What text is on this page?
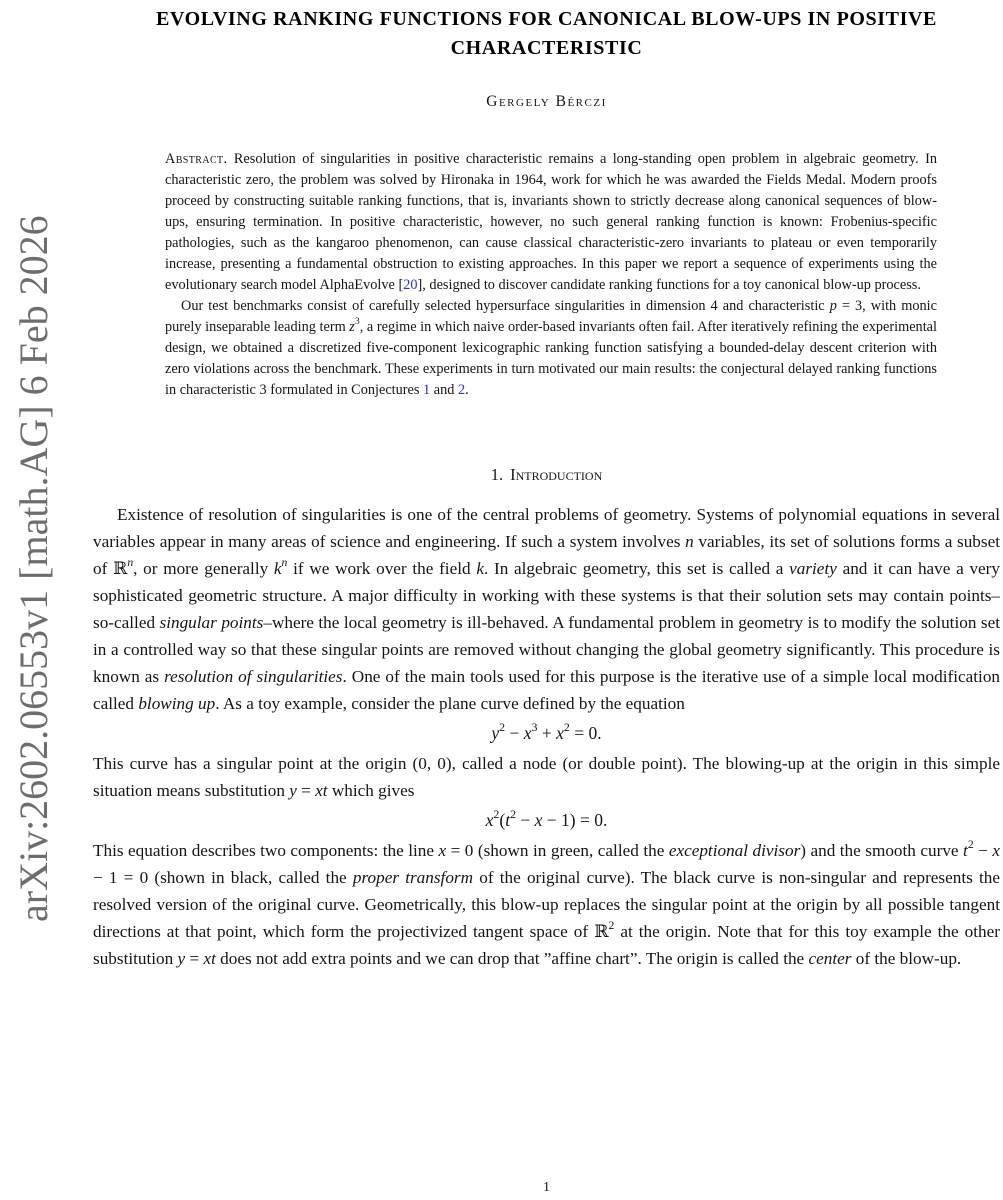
arXiv:2602.06553v1 [math.AG] 6 Feb 2026
EVOLVING RANKING FUNCTIONS FOR CANONICAL BLOW-UPS IN POSITIVE CHARACTERISTIC
Gergely Bérczi

Abstract. Resolution of singularities in positive characteristic remains a long-standing open problem in algebraic geometry. In characteristic zero, the problem was solved by Hironaka in 1964, work for which he was awarded the Fields Medal. Modern proofs proceed by constructing suitable ranking functions, that is, invariants shown to strictly decrease along canonical sequences of blow-ups, ensuring termination. In positive characteristic, however, no such general ranking function is known: Frobenius-specific pathologies, such as the kangaroo phenomenon, can cause classical characteristic-zero invariants to plateau or even temporarily increase, presenting a fundamental obstruction to existing approaches. In this paper we report a sequence of experiments using the evolutionary search model AlphaEvolve [20], designed to discover candidate ranking functions for a toy canonical blow-up process.

Our test benchmarks consist of carefully selected hypersurface singularities in dimension 4 and characteristic p = 3, with monic purely inseparable leading term $z^3$, a regime in which naive order-based invariants often fail. After iteratively refining the experimental design, we obtained a discretized five-component lexicographic ranking function satisfying a bounded-delay descent criterion with zero violations across the benchmark. These experiments in turn motivated our main results: the conjectural delayed ranking functions in characteristic 3 formulated in Conjectures 1 and 2.

1. Introduction

Existence of resolution of singularities is one of the central problems of geometry. Systems of polynomial equations in several variables appear in many areas of science and engineering. If such a system involves n variables, its set of solutions forms a subset of ℝ$^n$, or more generally $k^n$ if we work over the field k. In algebraic geometry, this set is called a variety and it can have a very sophisticated geometric structure. A major difficulty in working with these systems is that their solution sets may contain points–so-called singular points–where the local geometry is ill-behaved. A fundamental problem in geometry is to modify the solution set in a controlled way so that these singular points are removed without changing the global geometry significantly. This procedure is known as resolution of singularities. One of the main tools used for this purpose is the iterative use of a simple local modification called blowing up. As a toy example, consider the plane curve defined by the equation

$y^2 - x^3 + x^2 = 0$.

This curve has a singular point at the origin (0, 0), called a node (or double point). The blowing-up at the origin in this simple situation means substitution y = xt which gives

$x^2(t^2 - x - 1) = 0$.

This equation describes two components: the line x = 0 (shown in green, called the exceptional divisor) and the smooth curve $t^2 - x - 1 = 0$ (shown in black, called the proper transform of the original curve). The black curve is non-singular and represents the resolved version of the original curve. Geometrically, this blow-up replaces the singular point at the origin by all possible tangent directions at that point, which form the projectivized tangent space of ℝ$^2$ at the origin. Note that for this toy example the other substitution y = xt does not add extra points and we can drop that ”affine chart”. The origin is called the center of the blow-up.

1
